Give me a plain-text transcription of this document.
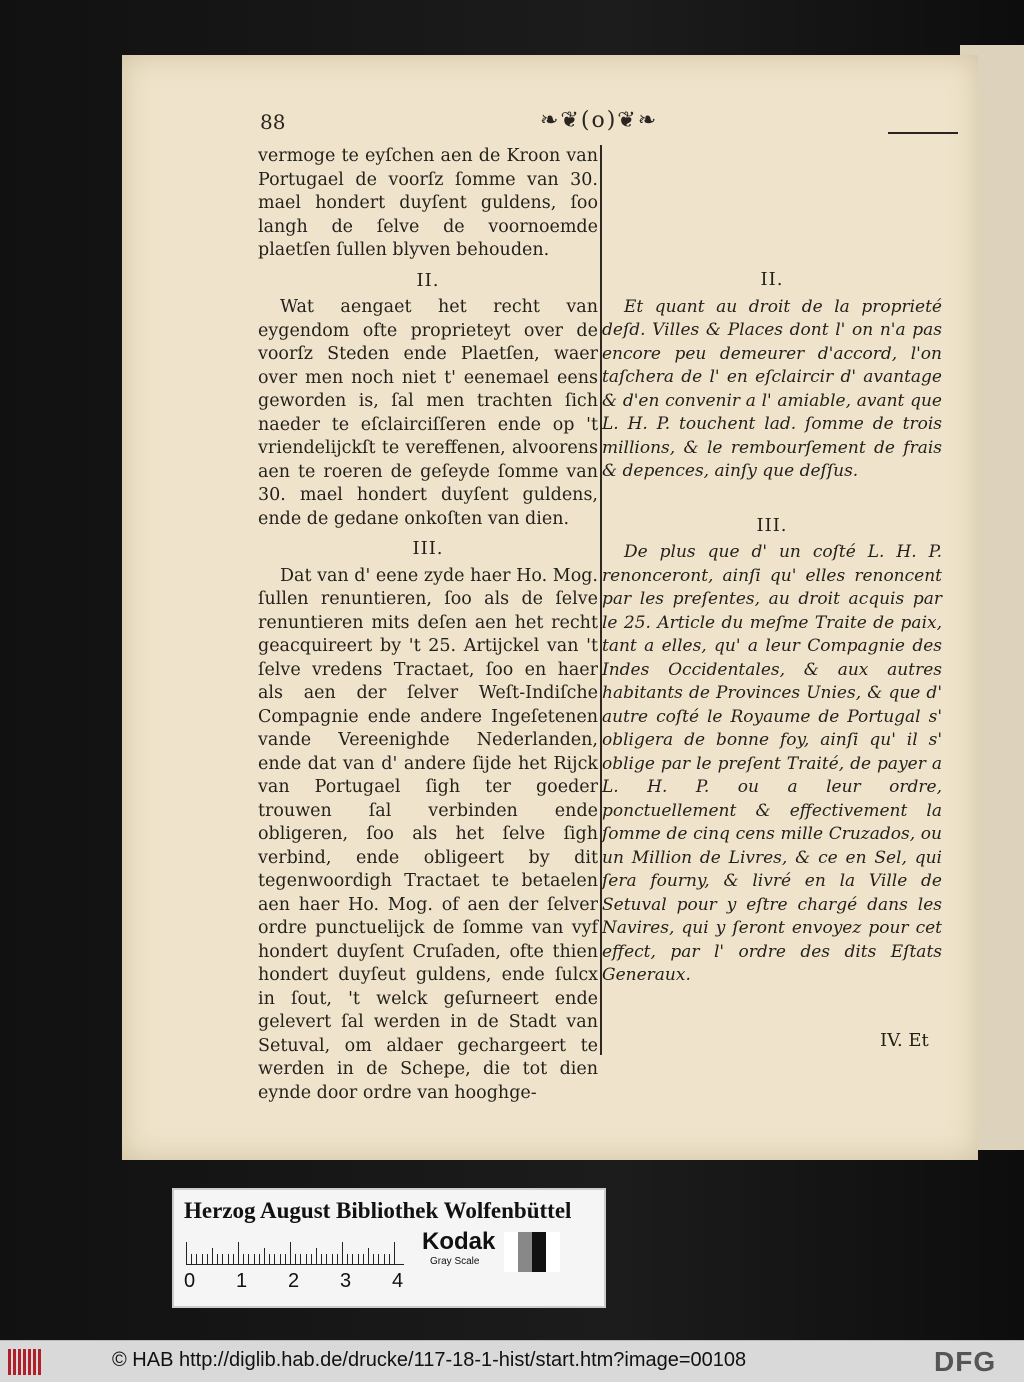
88	❧❦(o)❦❧

vermoge te eyſchen aen de Kroon van Portugael de voorſz ſomme van 30. mael hondert duyſent guldens, ſoo langh de ſelve de voornoemde plaetſen ſullen blyven behouden.

II.

Wat aengaet het recht van eygendom ofte proprieteyt over de voorſz Steden ende Plaetſen, waer over men noch niet t' eenemael eens geworden is, ſal men trachten ſich naeder te eſclairciſſeren ende op 't vriendelijckſt te vereffenen, alvoorens aen te roeren de geſeyde ſomme van 30. mael hondert duyſent guldens, ende de gedane onkoſten van dien.

III.

Dat van d' eene zyde haer Ho. Mog. ſullen renuntieren, ſoo als de ſelve renuntieren mits deſen aen het recht geacquireert by 't 25. Artijckel van 't ſelve vredens Tractaet, ſoo en haer als aen der ſelver Weſt-Indiſche Compagnie ende andere Ingeſetenen vande Vereenighde Nederlanden, ende dat van d' andere ſijde het Rijck van Portugael ſigh ter goeder trouwen ſal verbinden ende obligeren, ſoo als het ſelve ſigh verbind, ende obligeert by dit tegenwoordigh Tractaet te betaelen aen haer Ho. Mog. of aen der ſelver ordre punctuelijck de ſomme van vyf hondert duyſent Cruſaden, ofte thien hondert duyſeut guldens, ende ſulcx in ſout, 't welck geſurneert ende gelevert ſal werden in de Stadt van Setuval, om aldaer gechargeert te werden in de Schepe, die tot dien eynde door ordre van hooghge-

II.

Et quant au droit de la proprieté deſd. Villes & Places dont l' on n'a pas encore peu demeurer d'accord, l'on taſchera de l' en eſclaircir d' avantage & d'en convenir a l' amiable, avant que L. H. P. touchent lad. ſomme de trois millions, & le rembourſement de frais & depences, ainſy que deſſus.

III.

De plus que d' un coſté L. H. P. renonceront, ainſi qu' elles renoncent par les preſentes, au droit acquis par le 25. Article du meſme Traite de paix, tant a elles, qu' a leur Compagnie des Indes Occidentales, & aux autres habitants de Provinces Unies, & que d' autre coſté le Royaume de Portugal s' obligera de bonne foy, ainſi qu' il s' oblige par le preſent Traité, de payer a L. H. P. ou a leur ordre, ponctuellement & effectivement la ſomme de cinq cens mille Cruzados, ou un Million de Livres, & ce en Sel, qui ſera fourny, & livré en la Ville de Setuval pour y eſtre chargé dans les Navires, qui y ſeront envoyez pour cet effect, par l' ordre des dits Eſtats Generaux.

IV. Et
Herzog August Bibliothek Wolfenbüttel
0 1 2 3 4
Kodak
Gray Scale
© HAB http://diglib.hab.de/drucke/117-18-1-hist/start.htm?image=00108	DFG
